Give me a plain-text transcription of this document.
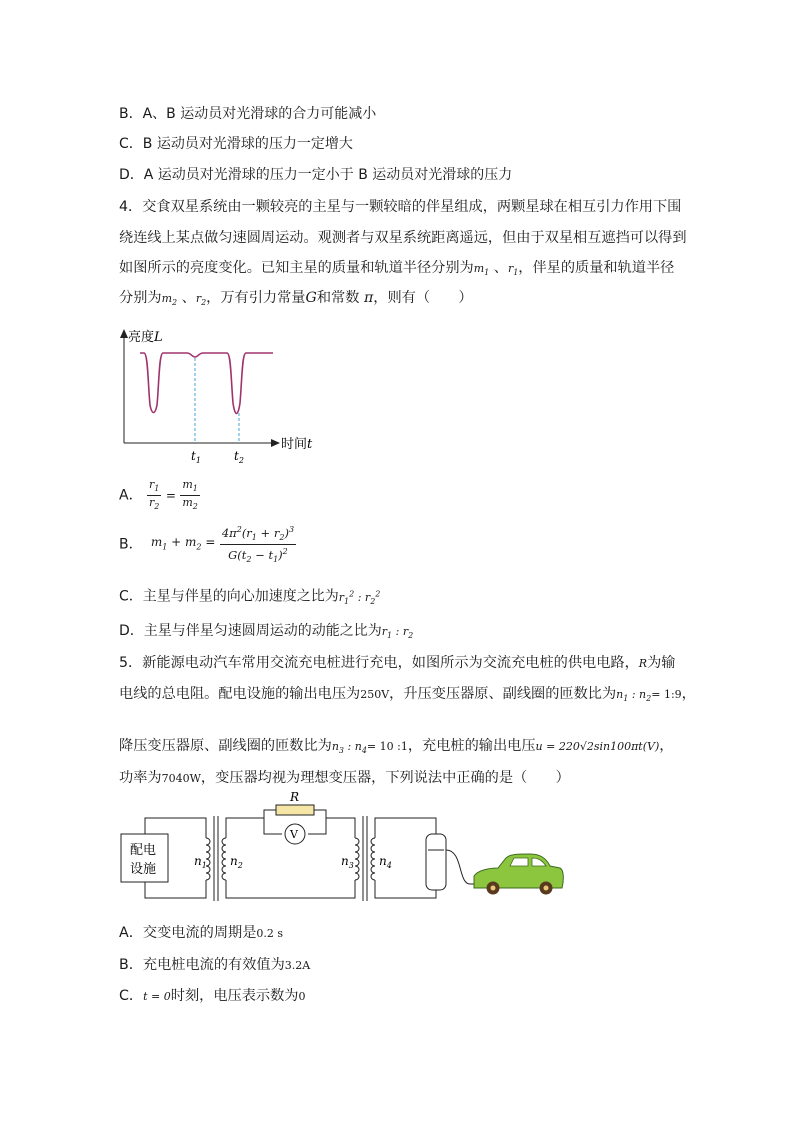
B．A、B 运动员对光滑球的合力可能减小
C．B 运动员对光滑球的压力一定增大
D．A 运动员对光滑球的压力一定小于 B 运动员对光滑球的压力
4．交食双星系统由一颗较亮的主星与一颗较暗的伴星组成，两颗星球在相互引力作用下围
绕连线上某点做匀速圆周运动。观测者与双星系统距离遥远，但由于双星相互遮挡可以得到
如图所示的亮度变化。已知主星的质量和轨道半径分别为$m_1$ 、$r_1$，伴星的质量和轨道半径
分别为$m_2$ 、$r_2$，万有引力常量G和常数 π，则有（　　）
亮度L
时间t
$t_1$	$t_2$
A． $\frac{r_1}{r_2} = \frac{m_1}{m_2}$
B．  $m_1 + m_2 = \frac{4\pi^2(r_1 + r_2)^3}{G(t_2 - t_1)^2}$
C．主星与伴星的向心加速度之比为$r_1^2$ : $r_2^2$
D．主星与伴星匀速圆周运动的动能之比为$r_1$ : $r_2$
5．新能源电动汽车常用交流充电桩进行充电，如图所示为交流充电桩的供电电路，R为输
电线的总电阻。配电设施的输出电压为250V，升压变压器原、副线圈的匝数比为$n_1$ : $n_2=$ 1:9，
降压变压器原、副线圈的匝数比为$n_3$ : $n_4= 10$ :1，充电桩的输出电压u = 220√2sin100πt(V)，
功率为7040W，变压器均视为理想变压器，下列说法中正确的是（　　）
配电
设施
R
V
$n_1$ $n_2$	$n_3$ $n_4$
A．交变电流的周期是0.2 s
B．充电桩电流的有效值为3.2A
C．t = 0时刻，电压表示数为0
